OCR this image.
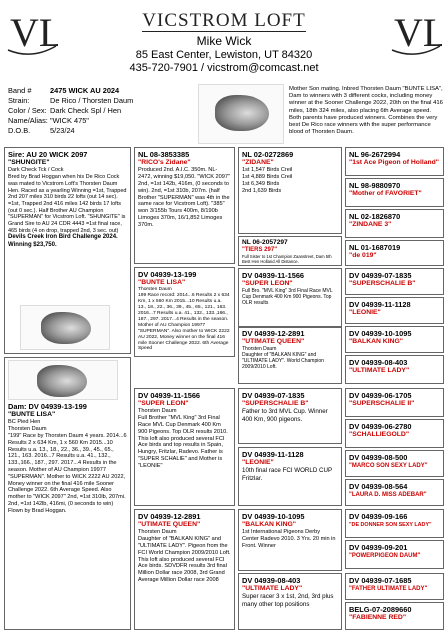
VL	VL
VICSTROM LOFT
Mike Wick
85 East Center, Lewiston, UT 84320
435-720-7901 / vicstrom@comcast.net
Band #	2475 WICK AU 2024
Strain:	De Rico / Thorsten Daum
Color / Sex: Dark Check Spl / Hen
Name/Alias: "WICK 475"
D.O.B.	5/23/24
Mother Son mating. Inbred Thorsten Daum "BUNTE LISA", Dam to winners with 3 different cocks, including money winner at the Sooner Challenge 2022, 20th on the final 416 miles, 18th 324 miles, also placing 6th Average speed. Both parents have produced winners. Combines the very best De Rico race winners with the super performance blood of Thorsten Daum.
Sire: AU 20 WICK 2097
"SHUNGITE"
Dark Check Tck / Cock
Bred by Brad Hoggan when his De Rico Cock was mated to Vicstrom Loft's Thorsten Daum Hen. Raced as a yearling Winning =1st, Trapped 2nd 207 miles 310 birds 22 lofts (out 14 sec). =1st, Trapped 2nd 416 miles 142 birds 17 lofts (out 0 sec.). Half Brother AU Champion "SUPERMAN" for Vicstrom Loft. "SHUNGITE" is Grand Sire to AU 24 CDR 4443 =1st final race, 465 birds (4 on drop, trapped 2nd, 3 sec. out)
Devils Creek Iron Bird Challenge 2024. Winning $23,750.
Dam: DV 04939-13-199
"BUNTE LISA"
BC Pied Hen
Thorsten Daum
"199" Race by Thorsten Daum 4 years. 2014...6 Results 2 x 634 Km, 1 x 560 Km 2015...10 Results u.a. 13., 18., 22., 36., 39., 45., 65., 121., 163. 2016...7 Results u.a. 41., 132., 133.,166., 187., 297. 2017...4 Results in the season. Mother of AU Champion 19977 "SUPERMAN". Mother to WICK 2222 AU 2022, Money winner on the final 416 mile Sooner Challenge 2022. 6th Average Speed. Also mother to "WICK 2097" 2nd, =1st 310lb, 207mi. 2nd, =1st 142lb, 416mi, (0 seconds to win) Flown by Brad Hoggan.
NL 08-3853385
"RICO's Zidane"
Produced 2nd. A.I.C. 350m. NL-2472, winning $19,050. "WICK 2097" 2nd, =1st 142b, 416m, (0 seconds to win). 2nd, =1st 310b, 207m. (half Brother "SUPERMAN" was 4th in the same race for Vicstrom Loft). "385" won 3/155b Tours 400m, 8/190b Limoges 370m, 16/1,852 Limoges 370m.
DV 04939-13-199
"BUNTE LISA"
Thorsten Daum
199 Race record: 2014...6 Results 2 x 634 Km, 1 x 560 Km 2015...10 Results u.a. 13., 18., 22., 36., 39., 45., 65., 121., 163. 2016...7 Results u.a. 41., 132., 133.,166., 187., 297. 2017...4 Results in the season. Mother of AU Champion 19977 "SUPERMAN". Also mother to WICK 2222 AU 2022, Money winner on the final 416 mile Sooner Challenge 2022. 6th Average Speed
DV 04939-11-1566
"SUPER LEON"
Thorsten Daum
Full Brother "MVL King" 3rd Final Race MVL Cup Denmark 400 Km 900 Pigeons. Top OLR results 2010. This loft also produced several FCI Ace birds and top results in Spain, Hungry, Fritzlar, Radevo. Father is "SUPER SCHALIE" and Mother is "LEONIE"
DV 04939-12-2891
"UTIMATE QUEEN"
Thorsten Daum
Daughter of "BALKAN KING" and "ULTIMATE LADY". Pigeon from the FCI World Champion 2009/2010 Loft. This loft also produced several FCI Ace birds. SDVDFR results 3rd final Million Dollar race 2008, 3rd Grand Average Million Dollar race 2008
NL 02-0272869
"ZIDANE"
1st 1,547 Birds Creil
1st 4,889 Birds Creil
1st 6,349 Birds
2nd 1,639 Birds
NL 06-2057297
"TIERS 297"
Full Sister to 1st Champion Zaanstreet, Dam 5th Best Hen Holland All Distance.
DV 04939-11-1566
"SUPER LEON"
Full Bro. "MVL King" 3rd Final Race MVL Cup Denmark 400 Km 900 Pigeons. Top OLR results
DV 04939-12-2891
"UTIMATE QUEEN"
Thorsten Daum
Daughter of "BALKAN KING" and "ULTIMATE LADY". World Champion 2009/2010 Loft.
DV 04939-07-1835
"SUPERSCHALIE B"
Father to 3rd MVL Cup. Winner 400 Km, 900 pigeons.
DV 04939-11-1128
"LEONIE"
10th final race FCI WORLD CUP Fritzlar.
DV 04939-10-1095
"BALKAN KING"
1st International Pigeons Derby Center Radevo 2010. 3 Yrs. 20 min in Front. Winner
DV 04939-08-403
"ULTIMATE LADY"
Super racer 3 x 1st, 2nd, 3rd plus many other top positions
NL 96-2672994
"1st Ace Pigeon of Holland"
NL 98-9880970
"Mother of FAVORIET"
NL 02-1826870
"ZINDANE 3"
NL 01-1687019
"de 019"
DV 04939-07-1835
"SUPERSCHALIE B"
DV 04939-11-1128
"LEONIE"
DV 04939-10-1095
"BALKAN KING"
DV 04939-08-403
"ULTIMATE LADY"
DV 04939-06-1705
"SUPERSCHALIE II"
DV 04939-06-2780
"SCHALLIEGOLD"
DV 04939-08-500
"MARCO SON SEXY LADY"
DV 04939-08-564
"LAURA D. MISS ADEBAR"
DV 04939-09-166
"DE DONNER SON SEXY LADY"
DV 04939-09-201
"POWERPIGEON DAUM"
DV 04939-07-1685
"FATHER ULTIMATE LADY"
BELG-07-2089660
"FABIENNE RED"
